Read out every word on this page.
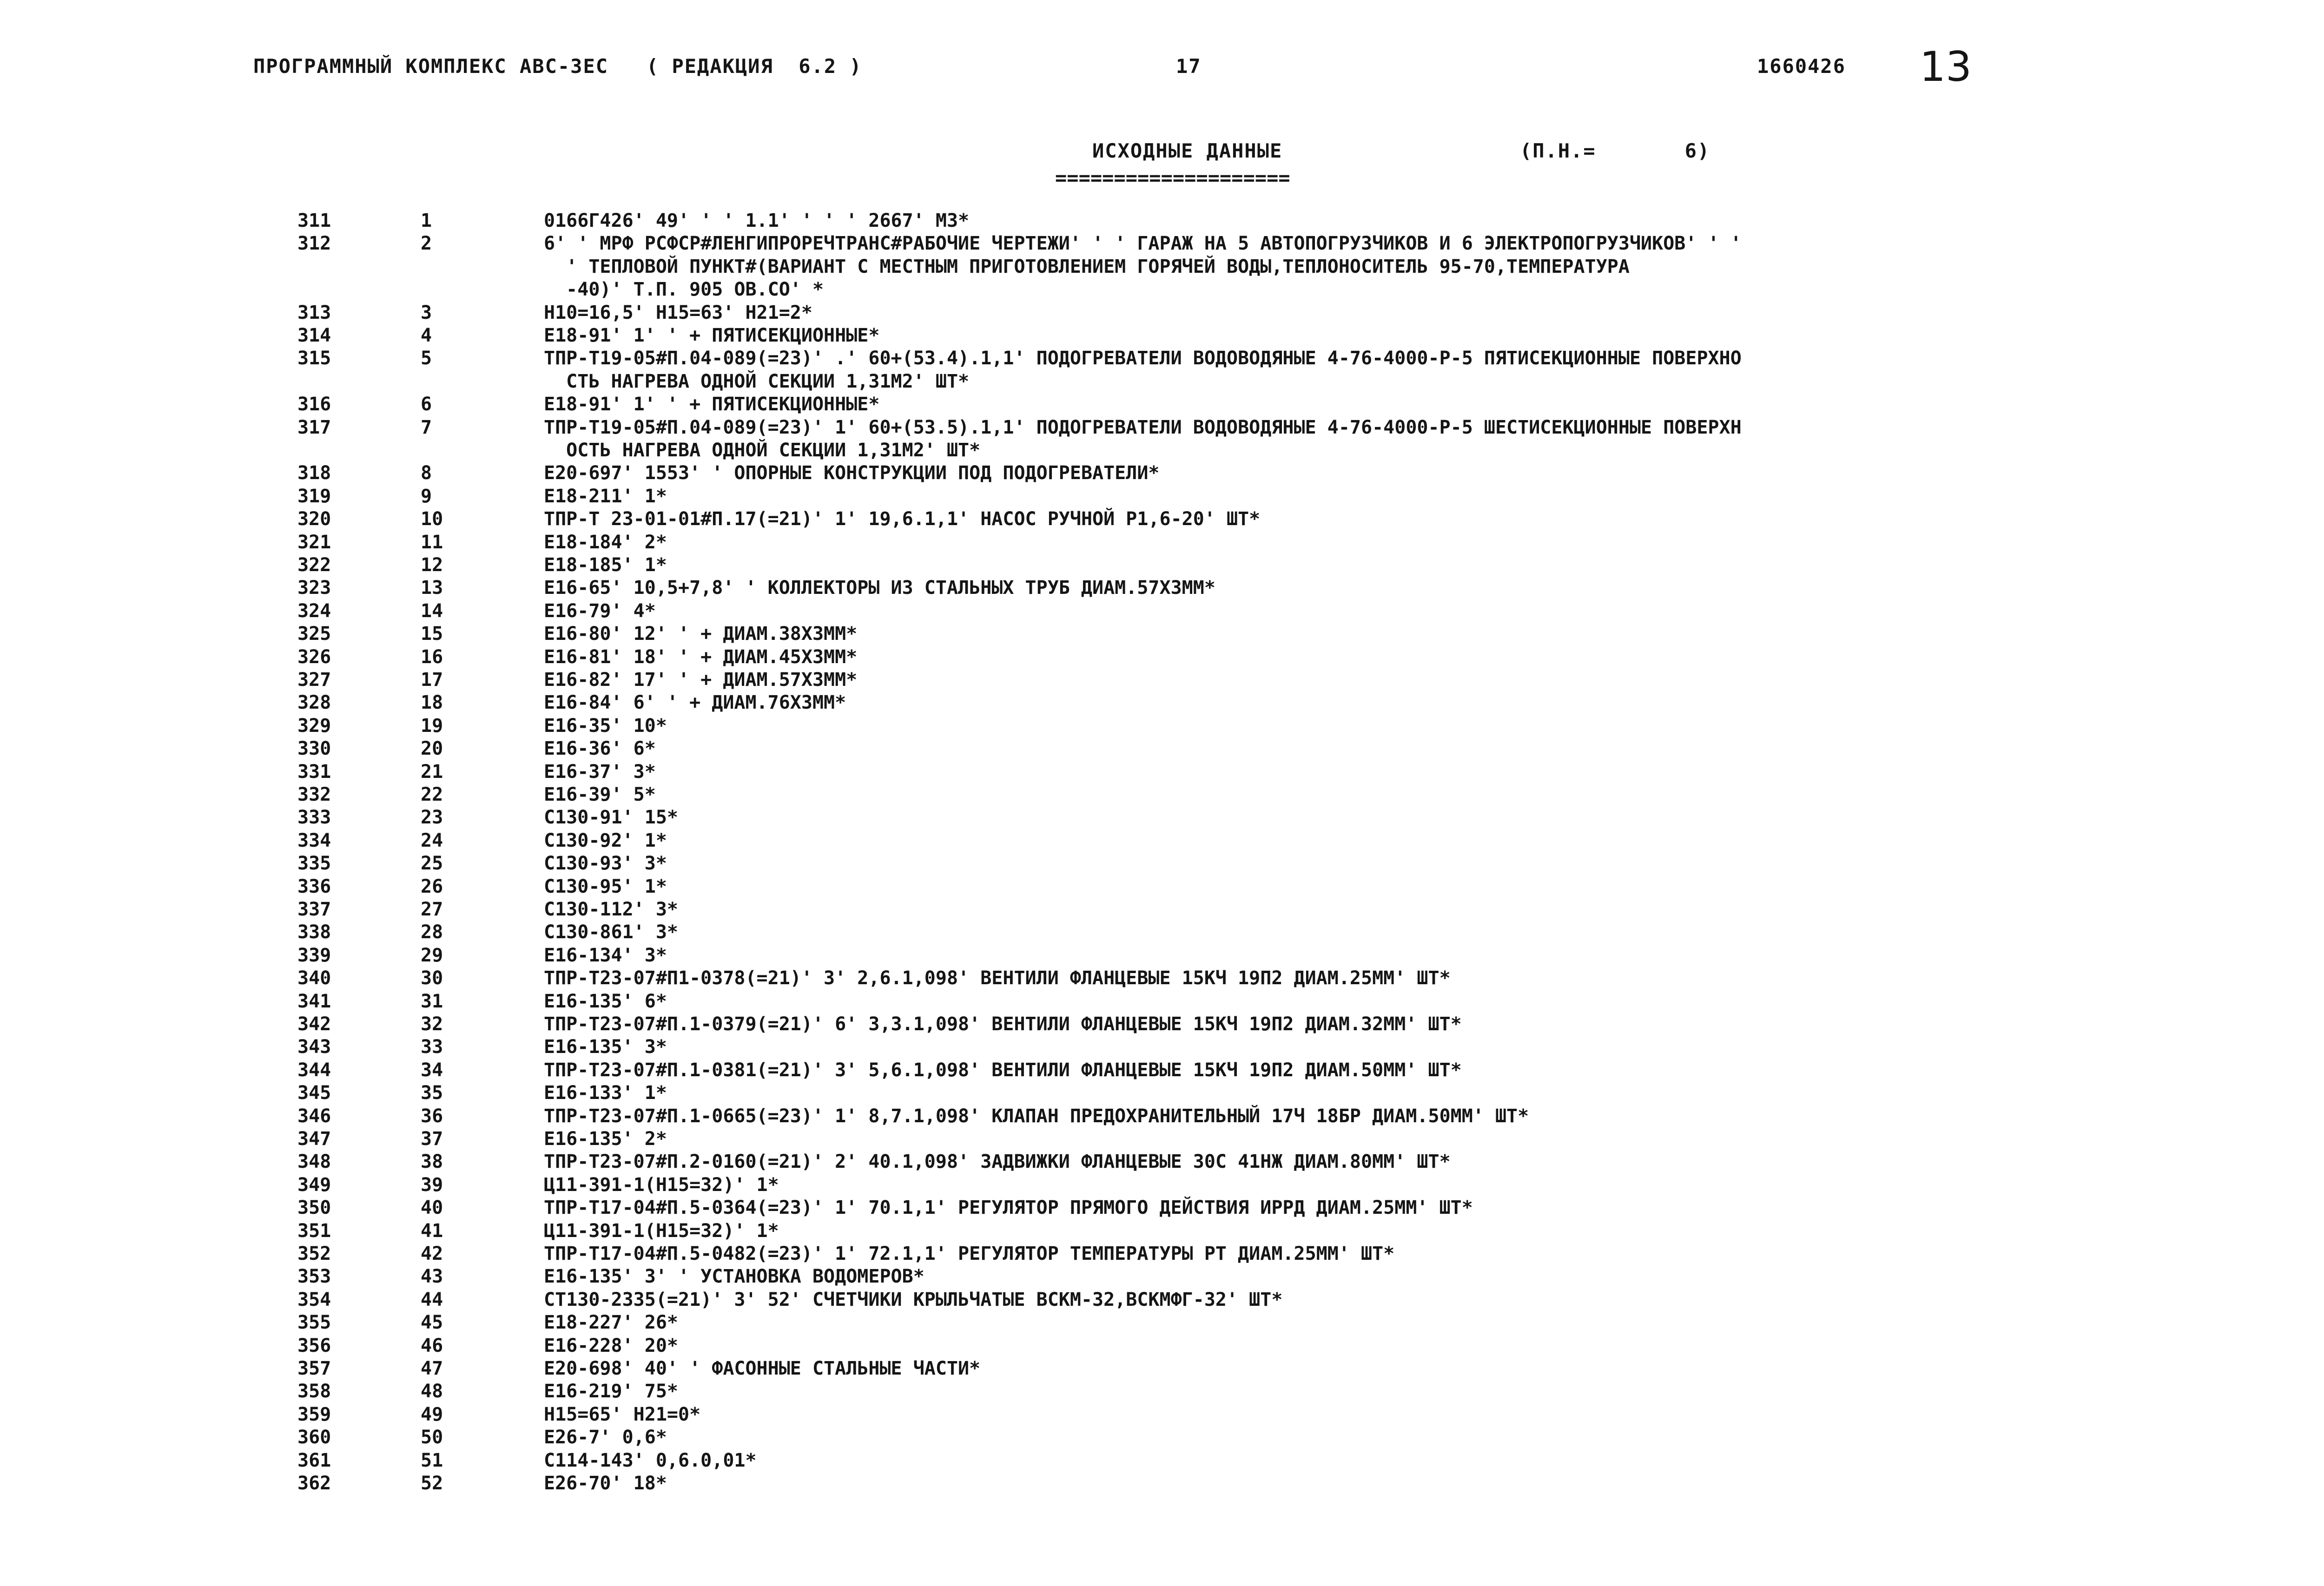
ПРОГРАММНЫЙ КОМПЛЕКС АВС-3ЕС   ( РЕДАКЦИЯ  6.2 )	17	1660426 13
ИСХОДНЫЕ ДАННЫЕ
====================
(П.Н.=       6)
311	1	0166Г426' 49' ' ' 1.1' ' ' ' 2667' М3*
312	2	6' ' МРФ РСФСР#ЛЕНГИПРОРЕЧТРАНС#РАБОЧИЕ ЧЕРТЕЖИ' ' ' ГАРАЖ НА 5 АВТОПОГРУЗЧИКОВ И 6 ЭЛЕКТРОПОГРУЗЧИКОВ' ' '
' ТЕПЛОВОЙ ПУНКТ#(ВАРИАНТ С МЕСТНЫМ ПРИГОТОВЛЕНИЕМ ГОРЯЧЕЙ ВОДЫ,ТЕПЛОНОСИТЕЛЬ 95-70,ТЕМПЕРАТУРА
-40)' Т.П. 905 ОВ.СО' *
313	3	Н10=16,5' Н15=63' Н21=2*
314	4	Е18-91' 1' ' + ПЯТИСЕКЦИОННЫЕ*
315	5	ТПР-Т19-05#П.04-089(=23)' .' 60+(53.4).1,1' ПОДОГРЕВАТЕЛИ ВОДОВОДЯНЫЕ 4-76-4000-Р-5 ПЯТИСЕКЦИОННЫЕ ПОВЕРХНО
СТЬ НАГРЕВА ОДНОЙ СЕКЦИИ 1,31М2' ШТ*
316	6	Е18-91' 1' ' + ПЯТИСЕКЦИОННЫЕ*
317	7	ТПР-Т19-05#П.04-089(=23)' 1' 60+(53.5).1,1' ПОДОГРЕВАТЕЛИ ВОДОВОДЯНЫЕ 4-76-4000-Р-5 ШЕСТИСЕКЦИОННЫЕ ПОВЕРХН
ОСТЬ НАГРЕВА ОДНОЙ СЕКЦИИ 1,31М2' ШТ*
318	8	Е20-697' 1553' ' ОПОРНЫЕ КОНСТРУКЦИИ ПОД ПОДОГРЕВАТЕЛИ*
319	9	Е18-211' 1*
320	10	ТПР-Т 23-01-01#П.17(=21)' 1' 19,6.1,1' НАСОС РУЧНОЙ Р1,6-20' ШТ*
321	11	Е18-184' 2*
322	12	Е18-185' 1*
323	13	Е16-65' 10,5+7,8' ' КОЛЛЕКТОРЫ ИЗ СТАЛЬНЫХ ТРУБ ДИАМ.57Х3ММ*
324	14	Е16-79' 4*
325	15	Е16-80' 12' ' + ДИАМ.38Х3ММ*
326	16	Е16-81' 18' ' + ДИАМ.45Х3ММ*
327	17	Е16-82' 17' ' + ДИАМ.57Х3ММ*
328	18	Е16-84' 6' ' + ДИАМ.76Х3ММ*
329	19	Е16-35' 10*
330	20	Е16-36' 6*
331	21	Е16-37' 3*
332	22	Е16-39' 5*
333	23	С130-91' 15*
334	24	С130-92' 1*
335	25	С130-93' 3*
336	26	С130-95' 1*
337	27	С130-112' 3*
338	28	С130-861' 3*
339	29	Е16-134' 3*
340	30	ТПР-Т23-07#П1-0378(=21)' 3' 2,6.1,098' ВЕНТИЛИ ФЛАНЦЕВЫЕ 15КЧ 19П2 ДИАМ.25ММ' ШТ*
341	31	Е16-135' 6*
342	32	ТПР-Т23-07#П.1-0379(=21)' 6' 3,3.1,098' ВЕНТИЛИ ФЛАНЦЕВЫЕ 15КЧ 19П2 ДИАМ.32ММ' ШТ*
343	33	Е16-135' 3*
344	34	ТПР-Т23-07#П.1-0381(=21)' 3' 5,6.1,098' ВЕНТИЛИ ФЛАНЦЕВЫЕ 15КЧ 19П2 ДИАМ.50ММ' ШТ*
345	35	Е16-133' 1*
346	36	ТПР-Т23-07#П.1-0665(=23)' 1' 8,7.1,098' КЛАПАН ПРЕДОХРАНИТЕЛЬНЫЙ 17Ч 18БР ДИАМ.50ММ' ШТ*
347	37	Е16-135' 2*
348	38	ТПР-Т23-07#П.2-0160(=21)' 2' 40.1,098' ЗАДВИЖКИ ФЛАНЦЕВЫЕ 30С 41НЖ ДИАМ.80ММ' ШТ*
349	39	Ц11-391-1(Н15=32)' 1*
350	40	ТПР-Т17-04#П.5-0364(=23)' 1' 70.1,1' РЕГУЛЯТОР ПРЯМОГО ДЕЙСТВИЯ ИРРД ДИАМ.25ММ' ШТ*
351	41	Ц11-391-1(Н15=32)' 1*
352	42	ТПР-Т17-04#П.5-0482(=23)' 1' 72.1,1' РЕГУЛЯТОР ТЕМПЕРАТУРЫ РТ ДИАМ.25ММ' ШТ*
353	43	Е16-135' 3' ' УСТАНОВКА ВОДОМЕРОВ*
354	44	СТ130-2335(=21)' 3' 52' СЧЕТЧИКИ КРЫЛЬЧАТЫЕ ВСКМ-32,ВСКМФГ-32' ШТ*
355	45	Е18-227' 26*
356	46	Е16-228' 20*
357	47	Е20-698' 40' ' ФАСОННЫЕ СТАЛЬНЫЕ ЧАСТИ*
358	48	Е16-219' 75*
359	49	Н15=65' Н21=0*
360	50	Е26-7' 0,6*
361	51	С114-143' 0,6.0,01*
362	52	Е26-70' 18*
